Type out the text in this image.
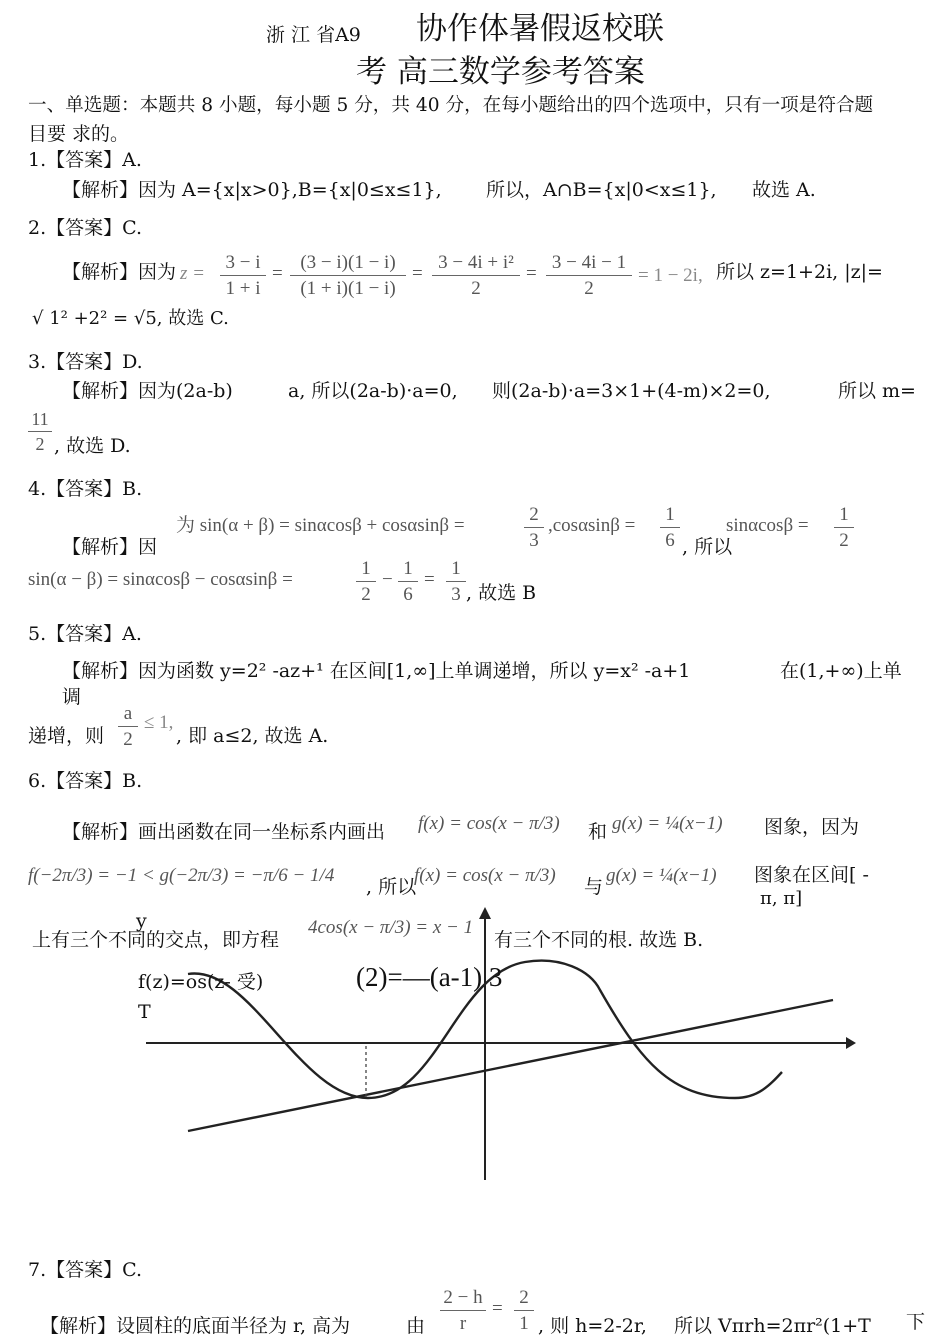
浙 江 省A9 协作体暑假返校联
考 高三数学参考答案
一、单选题：本题共 8 小题，每小题 5 分，共 40 分，在每小题给出的四个选项中，只有一项是符合题
目要 求的。
1.【答案】A.
【解析】因为 A={x|x>0},B={x|0≤x≤1}, 所以，A∩B={x|0<x≤1}, 故选 A.
2.【答案】C.
【解析】因为 z =
3 − i
1 + i
=
(3 − i)(1 − i)
(1 + i)(1 − i)
=
3 − 4i + i²
2
=
3 − 4i − 1
2
= 1 − 2i, 所以 z=1+2i, |z|=
√ 1² +2² = √5, 故选 C.
3.【答案】D.
【解析】因为(2a-b)	a, 所以(2a-b)·a=0, 则(2a-b)·a=3×1+(4-m)×2=0,	所以 m=
11
2 , 故选 D.
4.【答案】B.
为 sin(α + β) = sinαcosβ + cosαsinβ =
2
3
,cosαsinβ =
1
6
sinαcosβ =
1
2
【解析】因	, 所以
sin(α − β) = sinαcosβ − cosαsinβ =
1
2
−
1
6
=
1
3 , 故选 B
5.【答案】A.
【解析】因为函数 y=2² -az+¹ 在区间[1,∞]上单调递增，所以 y=x² -a+1	在(1,+∞)上单
调
递增，则
a
2
≤ 1,
, 即 a≤2, 故选 A.
6.【答案】B.
【解析】画出函数在同一坐标系内画出 f(x) = cos(x − π/3) 和 g(x) = ¼(x−1) 图象，因为
f(−2π/3) = −1 < g(−2π/3) = −π/6 − 1/4
, 所以
f(x) = cos(x − π/3)
与
g(x) = ¼(x−1) 图象在区间[ -
π, π]
y
上有三个不同的交点，即方程
4cos(x − π/3) = x − 1
有三个不同的根. 故选 B.
f(z)=os(z- 受)
T
(2)=—(a-1) 3
7.【答案】C.
【解析】设圆柱的底面半径为 r, 高为	由
2 − h
r
=
2
1 , 则 h=2-2r, 所以 Vπrh=2πr²(1+T 下
